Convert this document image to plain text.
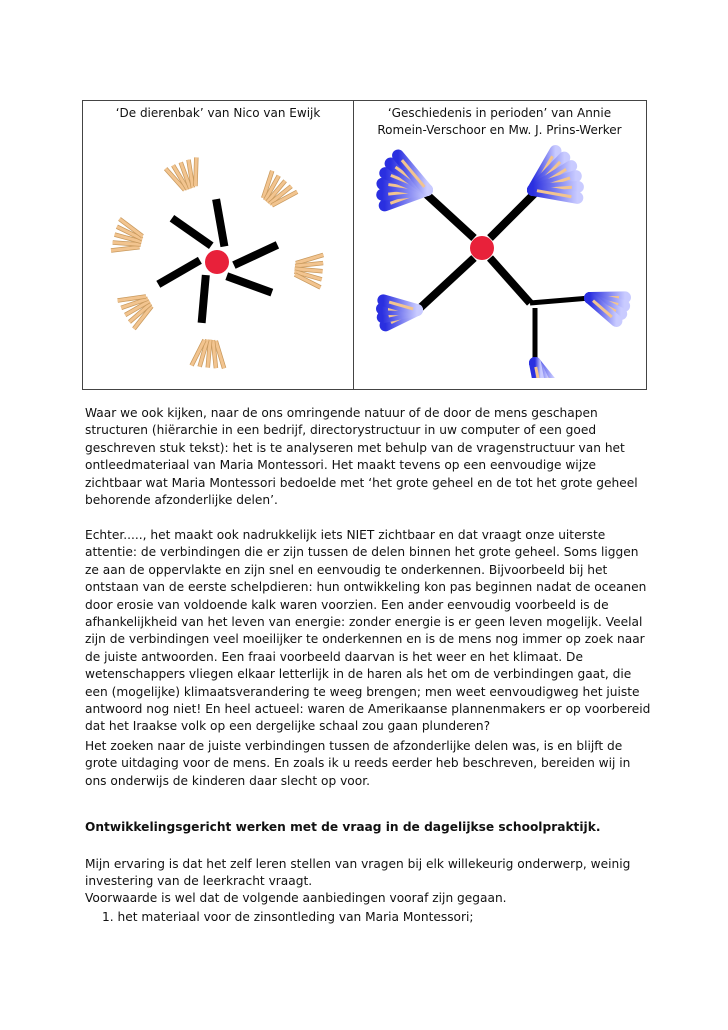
‘De dierenbak’ van Nico van Ewijk	‘Geschiedenis in perioden’ van Annie
Romein-Verschoor en Mw. J. Prins-Werker

Waar we ook kijken, naar de ons omringende natuur of de door de mens geschapen structuren (hiërarchie in een bedrijf, directorystructuur in uw computer of een goed geschreven stuk tekst): het is te analyseren met behulp van de vragenstructuur van het ontleedmateriaal van Maria Montessori. Het maakt tevens op een eenvoudige wijze zichtbaar wat Maria Montessori bedoelde met ‘het grote geheel en de tot het grote geheel behorende afzonderlijke delen’.

Echter....., het maakt ook nadrukkelijk iets NIET zichtbaar en dat vraagt onze uiterste attentie: de verbindingen die er zijn tussen de delen binnen het grote geheel. Soms liggen ze aan de oppervlakte en zijn snel en eenvoudig te onderkennen. Bijvoorbeeld bij het ontstaan van de eerste schelpdieren: hun ontwikkeling kon pas beginnen nadat de oceanen door erosie van voldoende kalk waren voorzien. Een ander eenvoudig voorbeeld is de afhankelijkheid van het leven van energie: zonder energie is er geen leven mogelijk. Veelal zijn de verbindingen veel moeilijker te onderkennen en is de mens nog immer op zoek naar de juiste antwoorden. Een fraai voorbeeld daarvan is het weer en het klimaat. De wetenschappers vliegen elkaar letterlijk in de haren als het om de verbindingen gaat, die een (mogelijke) klimaatsverandering te weeg brengen; men weet eenvoudigweg het juiste antwoord nog niet! En heel actueel: waren de Amerikaanse plannenmakers er op voorbereid dat het Iraakse volk op een dergelijke schaal zou gaan plunderen?

Het zoeken naar de juiste verbindingen tussen de afzonderlijke delen was, is en blijft de grote uitdaging voor de mens. En zoals ik u reeds eerder heb beschreven, bereiden wij in ons onderwijs de kinderen daar slecht op voor.

Ontwikkelingsgericht werken met de vraag in de dagelijkse schoolpraktijk.

Mijn ervaring is dat het zelf leren stellen van vragen bij elk willekeurig onderwerp, weinig investering van de leerkracht vraagt.

Voorwaarde is wel dat de volgende aanbiedingen vooraf zijn gegaan.

1. het materiaal voor de zinsontleding van Maria Montessori;
